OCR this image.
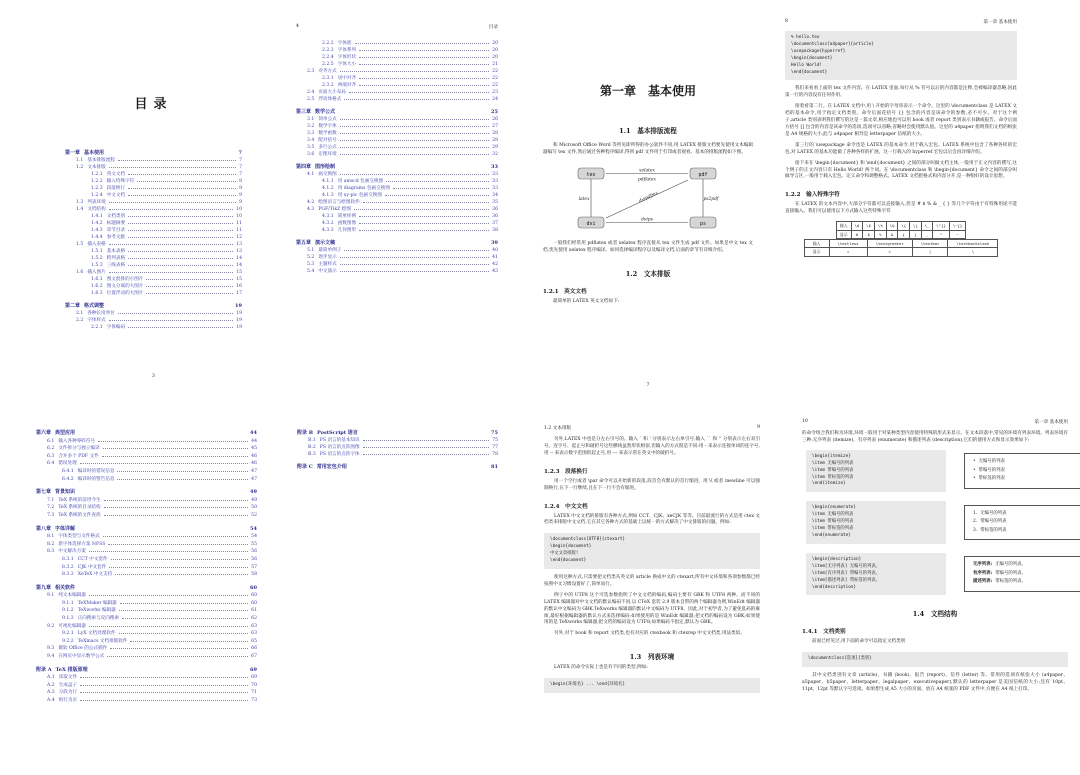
目录
第一章 基本使用	7
1.1 基本排版流程	7
1.2 文本排版	7
1.2.1 英文文档	7
1.2.2 输入特殊字符	8
1.2.3 段落换行	9
1.2.4 中文文档	9
1.3 列表环境	9
1.4 文档结构	10
1.4.1 文档类别	10
1.4.2 标题摘要	11
1.4.3 章节目录	11
1.4.4 参考文献	12
1.5 插入表格	13
1.5.1 基本表格	13
1.5.2 跨列表格	14
1.5.3 三线表格	14
1.6 插入图片	15
1.6.1 图文混排的小图片	15
1.6.2 图文分离的大图片	16
1.6.3 位置浮动的大图片	17
第二章 格式调整	19
2.1 各种长度单位	19
2.2 字体样式	19
2.2.1 字体编码	19
3
4	目录
2.2.2 字体族	20
2.2.3 字体系列	20
2.2.4 字体形状	20
2.2.5 字体大小	21
2.3 对齐方式	22
2.3.1 居中对齐	22
2.3.2 两端对齐	22
2.4 页面大小布局	23
2.5 浮动体格式	24
第三章 数学公式	25
3.1 简单公式	26
3.2 数学字体	27
3.3 数学函数	28
3.4 配对括号	28
3.5 多行公式	29
3.6 定理环境	32
第四章 图形绘制	33
4.1 画交换图	33
4.1.1 用 amscd 包画交换图	33
4.1.2 用 diagrams 包画交换图	33
4.1.3 用 xy-pic 包画交换图	34
4.2 绘图语言与绘图软件	35
4.3 PGF/TikZ 绘图	36
4.3.1 简单样例	36
4.3.2 函数图像	37
4.3.3 几何图形	38
第五章 演示文稿	39
5.1 最简单例子	40
5.2 逐步显示	41
5.3 主题样式	42
5.4 中文演示	43
第一章　基本使用
1.1　基本排版流程

和 Microsoft Office Word 等所见即所得的办公软件不同,用 LATEX 排版文档要先使用文本编辑器编写 tex 文件,然后通过各种程序编译,得到 pdf 文件用于打印或者观看。基本的排版流程如下图。

tex	pdf
dvi	ps
xelatex
pdflatex
latex	dvipdfmx
dvips
ps2pdf

一般我们经常用 pdflatex 或者 xelatex 程序直接从 tex 文件生成 pdf 文件。如果是中文 tex 文档,优先使用 xelatex 程序编译。如何选择编译程序以及编译文档,后面的章节有详细介绍。

1.2　文本排版
1.2.1　英文文档

最简单的 LATEX 英文文档如下:

7
8	第一章 基本使用
% hello.tex
\documentclass[a4paper]{article}
\usepackage{hyperref}
\begin{document}
Hello World!
\end{document}

我们来看看上面的 tex 文件内容。在 LATEX 里面,每行从 % 符号以后的内容都是注释,会被编译器忽略,因此第一行的内容没有任何作用。

接着看第二行。在 LATEX 文档中,用 \ 开始的字母串表示一个命令。这里的 \documentclass 是 LATEX 文档的基本命令,用于指定文档类别。命令后面花括号 {} 包含的内容是该命令的参数,必不可少。对于这个例子,article 类别表明我们撰写的这是一篇文章,相应地也可以用 book 或者 report 类别表示书籍或报告。命令后面方括号 [] 包含的内容是该命令的选项,选项可以省略,省略时会使用默认值。这里的 a4paper 指明我们文档的纸张是 A4 规格的大小,此与 a4paper 相异是 letterpaper 信纸的大小。

第三行的 \usepackage 命令也是 LATEX 的基本命令,用于载入宏包。LATEX 系统中包含了各种各样的宏包,对 LATEX 的基本功能做了各种各样的扩展。这一行载入的 hyperref 宏包以后会再详细介绍。

接下来在 \begin{document} 和 \end{document} 之间的部分叫做文档主体,一般用于正文内容的撰写,这个例子的正文内容只有 Hello World! 两个词。在 \documentclass 和 \begin{document} 命令之间的部分叫做导言区,一般用于载入宏包、定义命令和调整格式。LATEX 文档把格式和内容分开,是一种很好的设计思想。

1.2.2　输入特殊字符

在 LATEX 的文本内容中,大部分字符都可以直接输入,但是 # $ % & _ { } 等几个字符由于有特殊用途不能直接输入。我们可以使用以下方式输入这些特殊字符

输入	\#	\$	\%	\&	\{	\}	\_	\^{}	\~{}
显示	#	$	%	&	{	}	_	^	~
输入	\textless	\textgreater	\textbar	\textbackslash
显示	<	>	|	\
第六章 典型应用	44
6.1 输入各种零碎符号	44
6.2 文件拆分与独立编译	45
6.3 合并多个 PDF 文件	46
6.4 错误处理	46
6.4.1 编译时的错误信息	47
6.4.2 编译时的警告信息	47
第七章 背景知识	49
7.1 TeX 系统的前世今生	49
7.2 TeX 系统的目录结构	50
7.3 TeX 系统的文件查找	52
第八章 字体详解	54
8.1 字体类型与文件格式	54
8.2 新字体选择方案 NFSS	55
8.3 中文解决方案	56
8.3.1 CCT 中文套件	56
8.3.2 CJK 中文套件	57
8.3.3 XeTeX 中文支持	58
第九章 相关软件	60
9.1 纯文本编辑器	60
9.1.1 TeXMaker 编辑器	60
9.1.2 TeXworks 编辑器	61
9.1.3 正向搜索与反向搜索	62
9.2 可视化编辑器	63
9.2.1 LyX 文档处理软件	63
9.2.2 TeXmacs 文档排版软件	65
9.3 微软 Office 的公式插件	66
9.4 在网页中显示数学公式	67
附录 A TeX 排版原理	69
A.1 读取文件	69
A.2 生成盒子	70
A.3 分段为行	71
A.4 组行为页	73
附录 B PostScript 语言	75
B.1 PS 语言的基本知识	75
B.2 PS 语言的点阵图像	77
B.3 PS 语言的点阵字体	78
附录 C 常用宏包介绍	81
1.2 文本排版	9

另外,LATEX 中也是分左右引号的。输入 ` 和 ' 分别表示左右单引号,输入 `` 和 '' 分别表示左右双引号。连字号、起止号和破折号这些横线虽然形状相似,但输入的方式很是不同:用 - 来表示连接单词的连字号,用 -- 来表示数字范围的起止号,用 --- 来表示常在英文中的破折号。

1.2.3　段落换行

用一个空行或者 \par 命令可以开始新的段落,段首会有默认的首行缩进。用 \\ 或者 \newline 可以强制换行,在下一行继续,且在下一行不会有缩进。

1.2.4　中文文档

LATEX 中文文档的排版有各种方式,例如 CCT、CJK、xeCJK 等等。目前最流行的方式是用 ctex 文档类来排版中文文档,它在其它各种方式的基础上以统一的方式解决了中文排版的问题。例如:

\documentclass[UTF8]{ctexart}
\begin{document}
中文文章排版!
\end{document}

使用这种方式,只需要把文档类从英文的 article 换成中文的 ctexart,所有中文环境和各项参数都已经按照中文习惯设置好了,简单易行。

例子中的 UTF8 这个可选参数指明了中文文档的编码,编码主要有 GBK 和 UTF8 两种。而不同的 LATEX 编辑器对中文文档的默认编码不同,以 CTeX 套装 2.9 版本自带的两个编辑器为例,WinEdt 编辑器的默认中文编码为 GBK,TeXworks 编辑器的默认中文编码为 UTF8。因此,对于初学者,为了避免乱码的麻烦,最好根据编辑器的默认方式来选择编码:如果使用的是 WinEdt 编辑器,把文档的编码设为 GBK;如果使用的是 TeXworks 编辑器,把文档的编码设为 UTF8;如果编码不指定,默认为 GBK。

另外,对于 book 和 report 文档类,也有对应的 ctexbook 和 ctexrep 中文文档类,用法类似。

1.3　列表环境

LATEX 的命令实际上也是有不同的类型,例如:

\begin{环境名} ... \end{环境名}
10	第一章 基本使用

的命令组合我们称为环境,环境一般用于对某种类型内容使用特殊的形式来显示。在文本段落中,常见的环境有列表环境。列表环境有三种:无序列表 (itemize)、有序列表 (enumerate) 和描述列表 (description),它们的使用方式和显示效果如下:

\begin{itemize}
\item 无编号的列表
\item 带编号的列表
\item 带标签的列表
\end{itemize}
• 无编号的列表
• 带编号的列表
• 带标签的列表
\begin{enumerate}
\item 无编号的列表
\item 带编号的列表
\item 带标签的列表
\end{enumerate}
1. 无编号的列表
2. 带编号的列表
3. 带标签的列表
\begin{description}
\item[无序列表] 无编号的列表。
\item[有序列表] 带编号的列表。
\item[描述列表] 带标签的列表。
\end{description}
无序列表: 无编号的列表。
有序列表: 带编号的列表。
描述列表: 带标签的列表。
1.4　文档结构
1.4.1　文档类别

前面已经见过,用下面的命令可以指定文档类别

\documentclass[选项]{类别}

其中文档类别有文章 (article)、书籍 (book)、报告 (report)、信件 (letter) 等。常用的选项有纸张大小 (a4paper、a5paper、b5paper、letterpaper、legalpaper、executivepaper),默认的 letterpaper 是美国信纸的大小;还有 10pt、11pt、12pt 等默认字号选项。如果想生成 A5 大小的页面、放在 A4 纸张的 PDF 文件中,方便在 A4 纸上打印。
